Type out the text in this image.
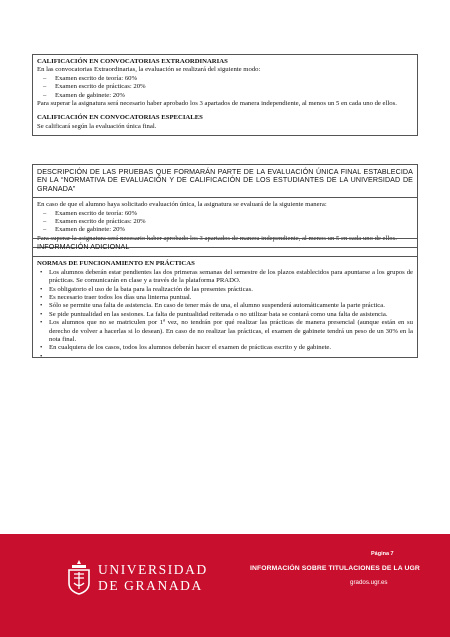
CALIFICACIÓN EN CONVOCATORIAS EXTRAORDINARIAS
En las convocatorias Extraordinarias, la evaluación se realizará del siguiente modo:
– Examen escrito de teoría: 60%
– Examen escrito de prácticas: 20%
– Examen de gabinete: 20%
Para superar la asignatura será necesario haber aprobado los 3 apartados de manera independiente, al menos un 5 en cada uno de ellos.
CALIFICACIÓN EN CONVOCATORIAS ESPECIALES
Se calificará según la evaluación única final.
DESCRIPCIÓN DE LAS PRUEBAS QUE FORMARÁN PARTE DE LA EVALUACIÓN ÚNICA FINAL ESTABLECIDA EN LA “NORMATIVA DE EVALUACIÓN Y DE CALIFICACIÓN DE LOS ESTUDIANTES DE LA UNIVERSIDAD DE GRANADA”
En caso de que el alumno haya solicitado evaluación única, la asignatura se evaluará de la siguiente manera:
– Examen escrito de teoría: 60%
– Examen escrito de prácticas: 20%
– Examen de gabinete: 20%
Para superar la asignatura será necesario haber aprobado los 3 apartados de manera independiente, al menos un 5 en cada uno de ellos.
INFORMACIÓN ADICIONAL
NORMAS DE FUNCIONAMIENTO EN PRÁCTICAS
• Los alumnos deberán estar pendientes las dos primeras semanas del semestre de los plazos establecidos para apuntarse a los grupos de prácticas. Se comunicarán en clase y a través de la plataforma PRADO.
• Es obligatorio el uso de la bata para la realización de las presentes prácticas.
• Es necesario traer todos los días una linterna puntual.
• Sólo se permite una falta de asistencia. En caso de tener más de una, el alumno suspenderá automáticamente la parte práctica.
• Se pide puntualidad en las sesiones. La falta de puntualidad reiterada o no utilizar bata se contará como una falta de asistencia.
• Los alumnos que no se matriculen por 1ª vez, no tendrán por qué realizar las prácticas de manera presencial (aunque están en su derecho de volver a hacerlas si lo desean). En caso de no realizar las prácticas, el examen de gabinete tendrá un peso de un 30% en la nota final.
• En cualquiera de los casos, todos los alumnos deberán hacer el examen de prácticas escrito y de gabinete.
UNIVERSIDAD
DE GRANADA
Página 7
INFORMACIÓN SOBRE TITULACIONES DE LA UGR
grados.ugr.es
